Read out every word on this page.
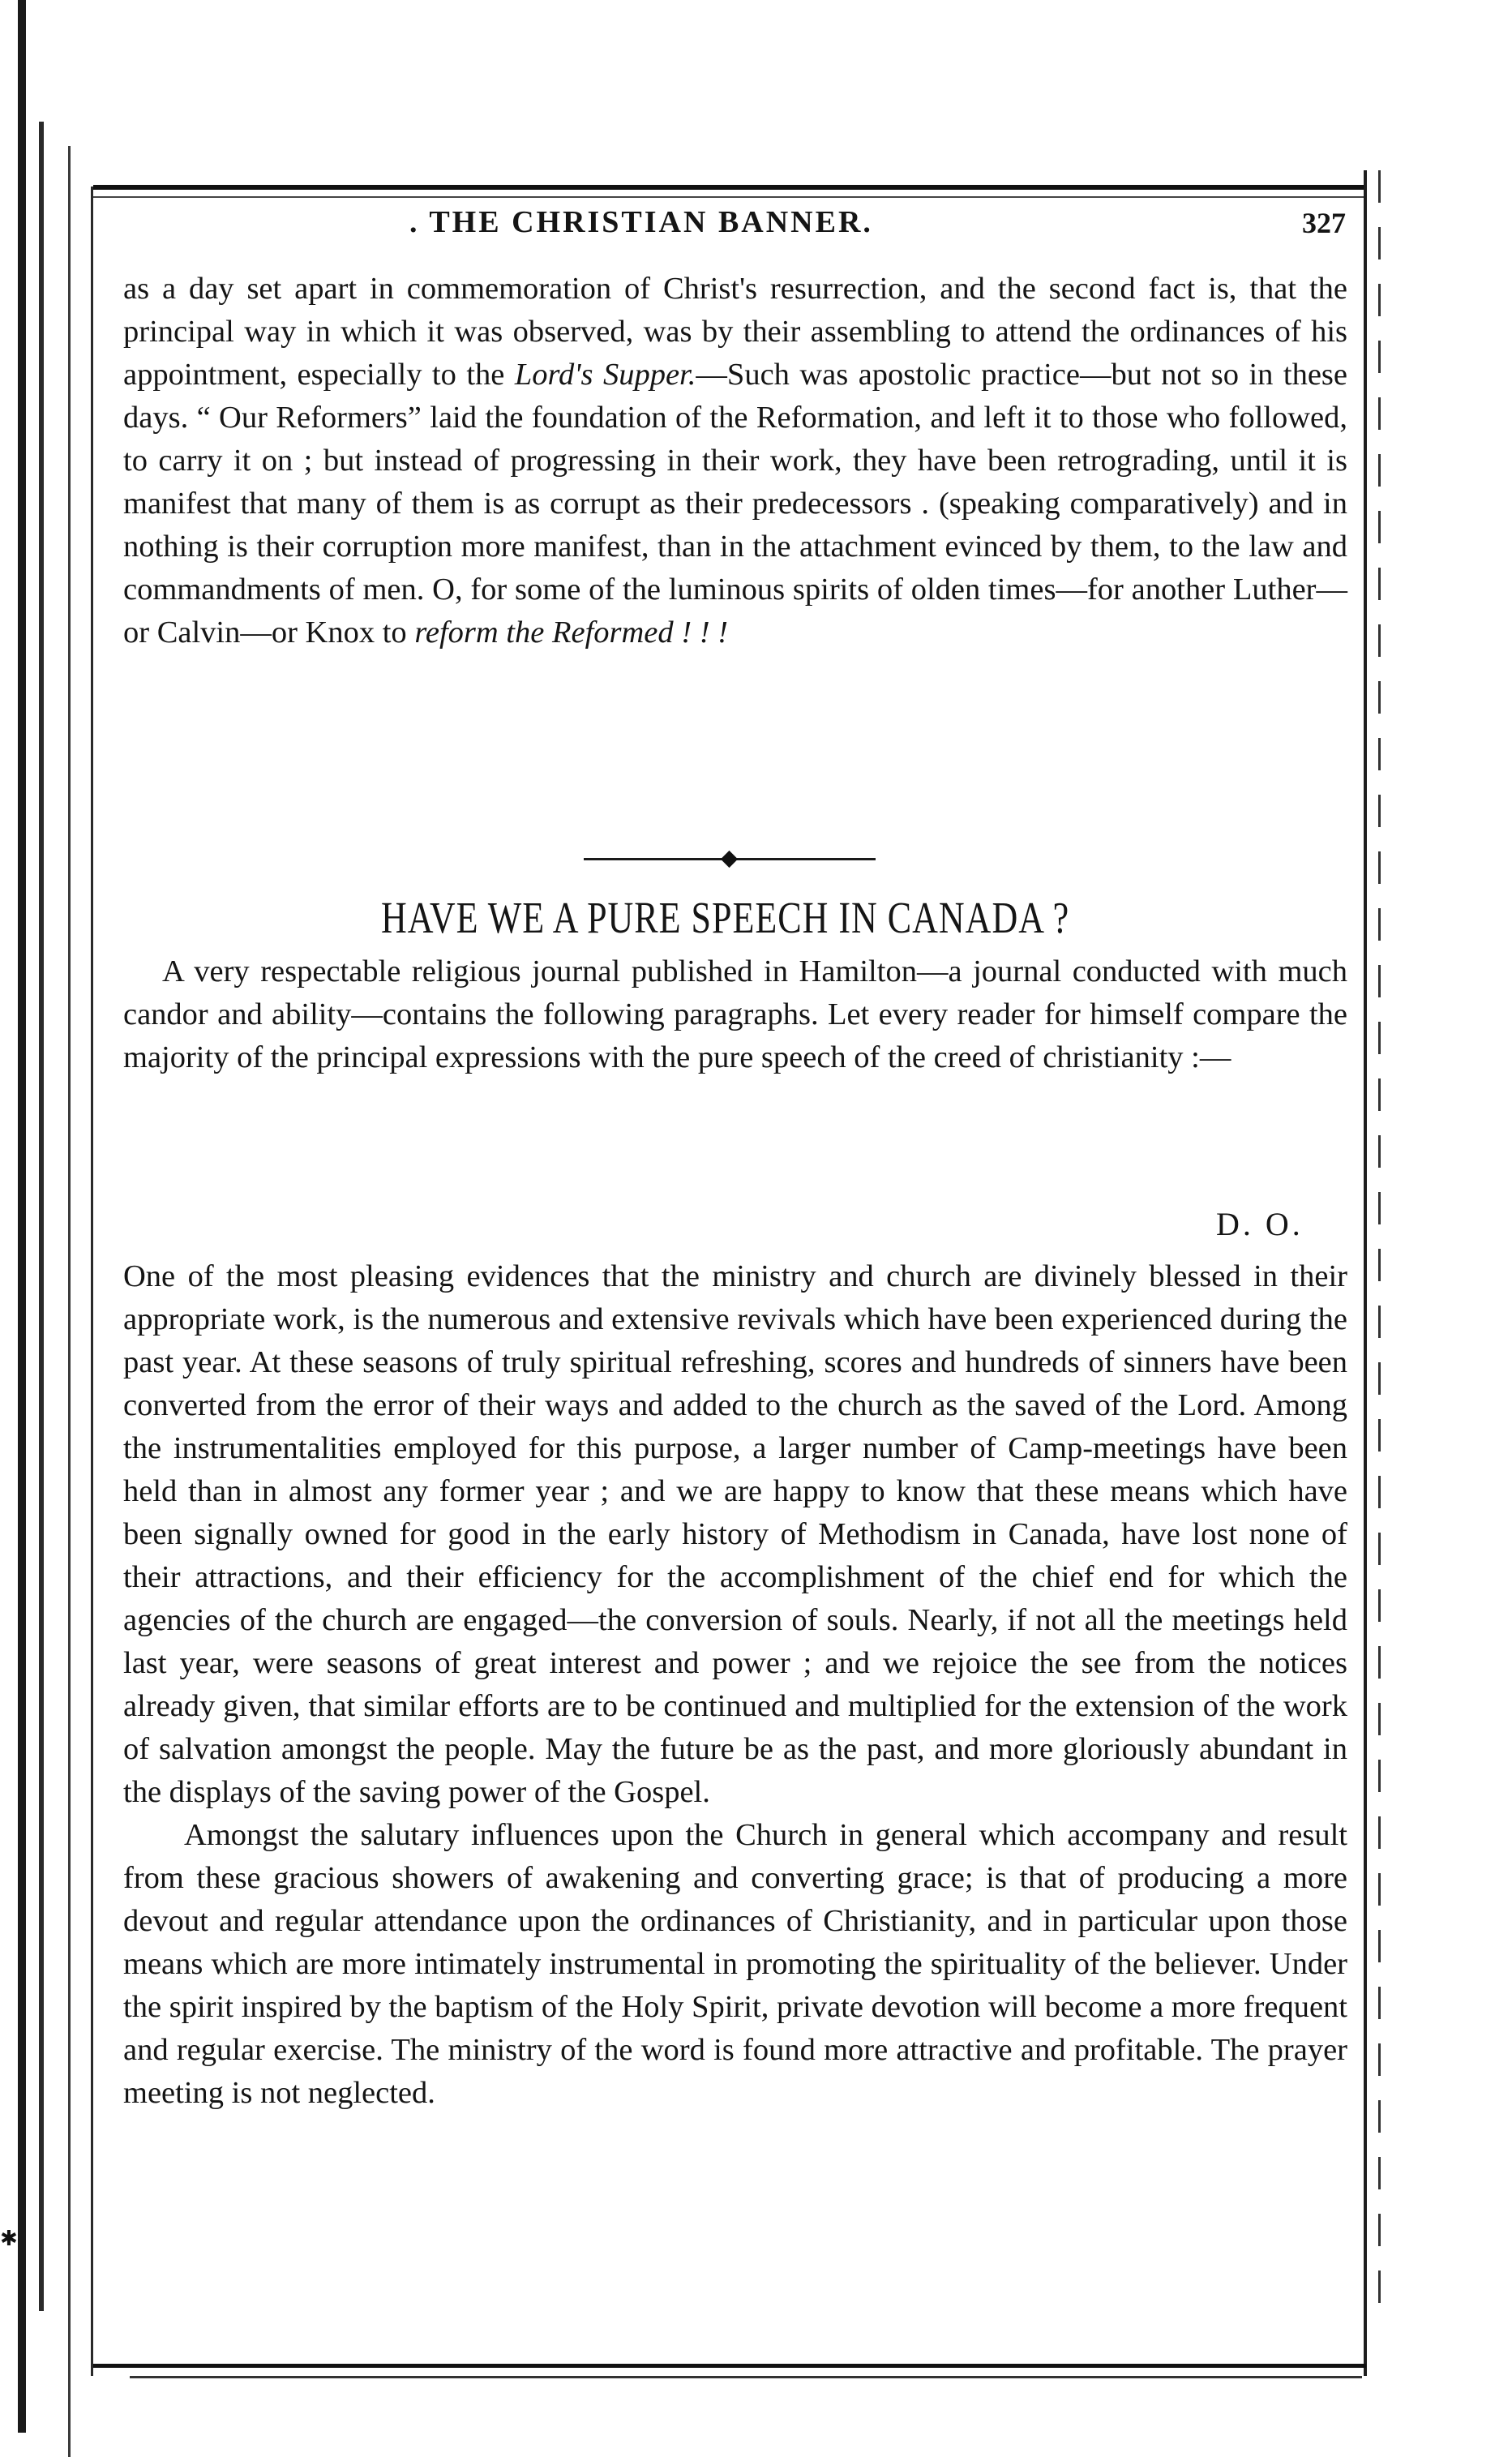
✱
. THE CHRISTIAN BANNER.	327

as a day set apart in commemoration of Christ's resurrection, and the second fact is, that the principal way in which it was observed, was by their assembling to attend the ordinances of his appointment, especially to the Lord's Supper.—Such was apostolic practice—but not so in these days. “ Our Reformers” laid the foundation of the Reformation, and left it to those who followed, to carry it on ; but instead of progressing in their work, they have been retrograding, until it is manifest that many of them is as corrupt as their predecessors . (speaking comparatively) and in nothing is their corruption more manifest, than in the attachment evinced by them, to the law and commandments of men. O, for some of the luminous spirits of olden times—for another Luther—or Calvin—or Knox to reform the Reformed ! ! !

HAVE WE A PURE SPEECH IN CANADA ?

A very respectable religious journal published in Hamilton—a journal conducted with much candor and ability—contains the following paragraphs. Let every reader for himself compare the majority of the principal expressions with the pure speech of the creed of christianity :—

D. O.

One of the most pleasing evidences that the ministry and church are divinely blessed in their appropriate work, is the numerous and extensive revivals which have been experienced during the past year. At these seasons of truly spiritual refreshing, scores and hundreds of sinners have been converted from the error of their ways and added to the church as the saved of the Lord. Among the instrumentalities employed for this purpose, a larger number of Camp-meetings have been held than in almost any former year ; and we are happy to know that these means which have been signally owned for good in the early history of Methodism in Canada, have lost none of their attractions, and their efficiency for the accomplishment of the chief end for which the agencies of the church are engaged—the conversion of souls. Nearly, if not all the meetings held last year, were seasons of great interest and power ; and we rejoice the see from the notices already given, that similar efforts are to be continued and multiplied for the extension of the work of salvation amongst the people. May the future be as the past, and more gloriously abundant in the displays of the saving power of the Gospel.

Amongst the salutary influences upon the Church in general which accompany and result from these gracious showers of awakening and converting grace; is that of producing a more devout and regular attendance upon the ordinances of Christianity, and in particular upon those means which are more intimately instrumental in promoting the spirituality of the believer. Under the spirit inspired by the baptism of the Holy Spirit, private devotion will become a more frequent and regular exercise. The ministry of the word is found more attractive and profitable. The prayer meeting is not neglected.
